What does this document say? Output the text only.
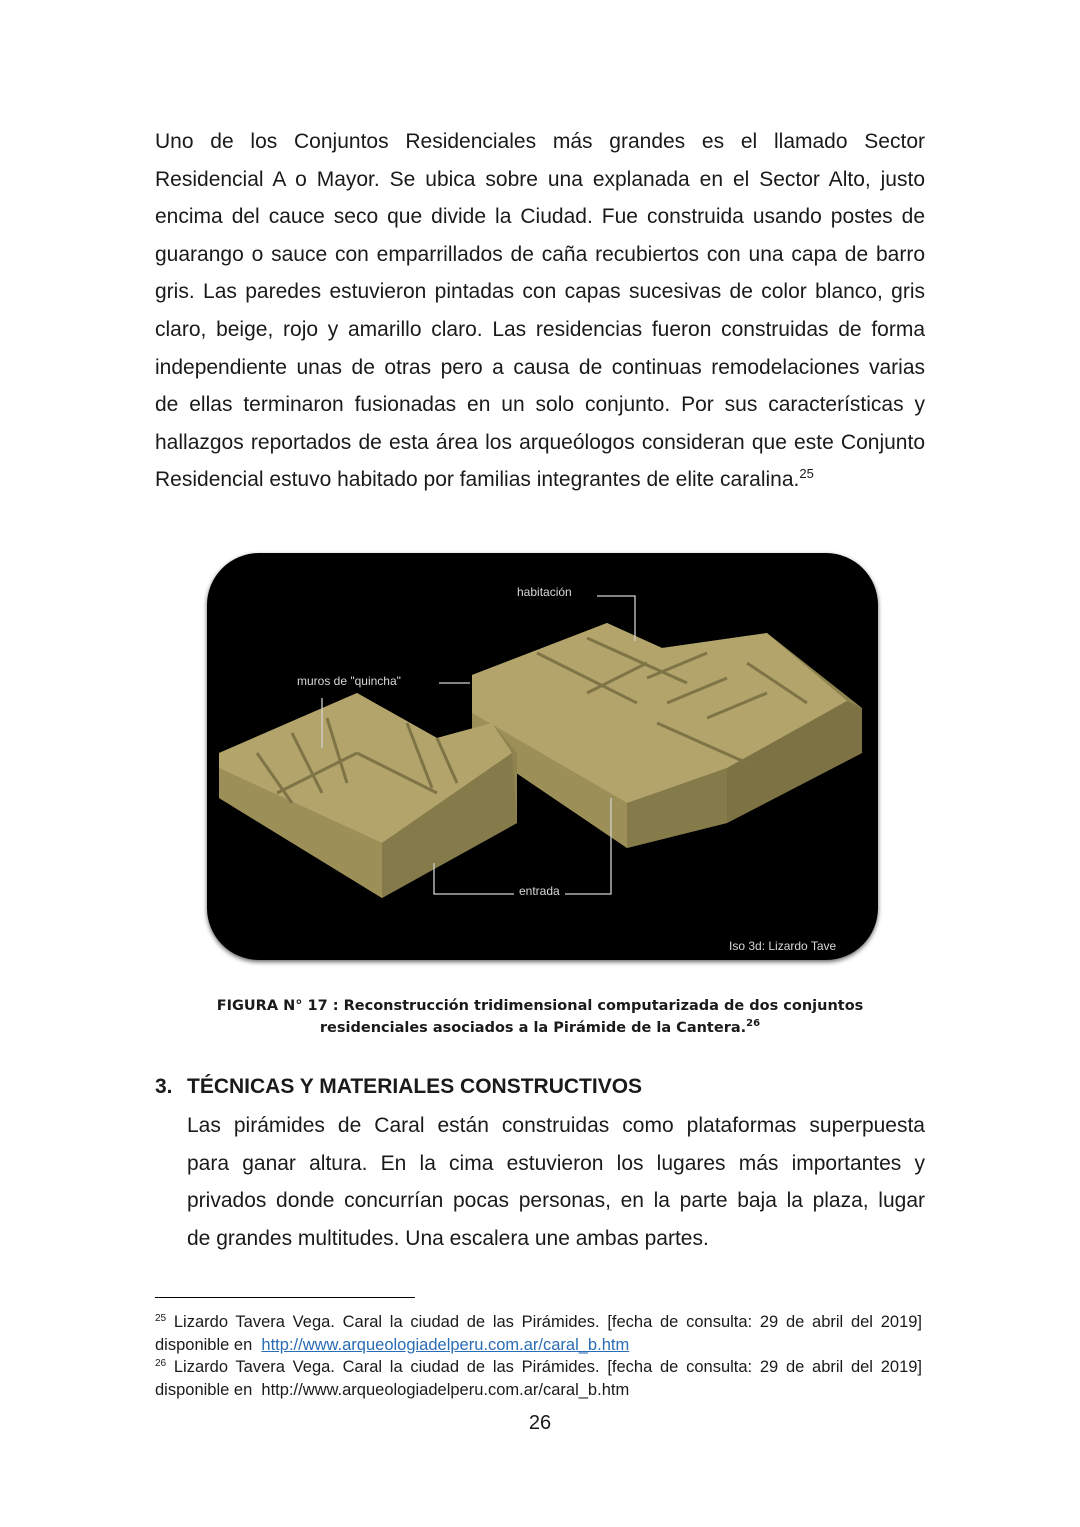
Uno de los Conjuntos Residenciales más grandes es el llamado Sector
Residencial A o Mayor. Se ubica sobre una explanada en el Sector Alto, justo
encima del cauce seco que divide la Ciudad. Fue construida usando postes de
guarango o sauce con emparrillados de caña recubiertos con una capa de barro
gris. Las paredes estuvieron pintadas con capas sucesivas de color blanco, gris
claro, beige, rojo y amarillo claro. Las residencias fueron construidas de forma
independiente unas de otras pero a causa de continuas remodelaciones varias
de ellas terminaron fusionadas en un solo conjunto. Por sus características y
hallazgos reportados de esta área los arqueólogos consideran que este Conjunto
Residencial estuvo habitado por familias integrantes de elite caralina.$^{25}$
habitación
muros de "quincha"
entrada
Iso 3d: Lizardo Tave
FIGURA N° 17 : Reconstrucción tridimensional computarizada de dos conjuntos
residenciales asociados a la Pirámide de la Cantera.$^{26}$
3. TÉCNICAS Y MATERIALES CONSTRUCTIVOS
Las pirámides de Caral están construidas como plataformas superpuesta
para ganar altura. En la cima estuvieron los lugares más importantes y
privados donde concurrían pocas personas, en la parte baja la plaza, lugar
de grandes multitudes. Una escalera une ambas partes.
$^{25}$ Lizardo Tavera Vega. Caral la ciudad de las Pirámides. [fecha de consulta: 29 de abril del 2019]
disponible en  http://www.arqueologiadelperu.com.ar/caral_b.htm
$^{26}$ Lizardo Tavera Vega. Caral la ciudad de las Pirámides. [fecha de consulta: 29 de abril del 2019]
disponible en  http://www.arqueologiadelperu.com.ar/caral_b.htm
26
